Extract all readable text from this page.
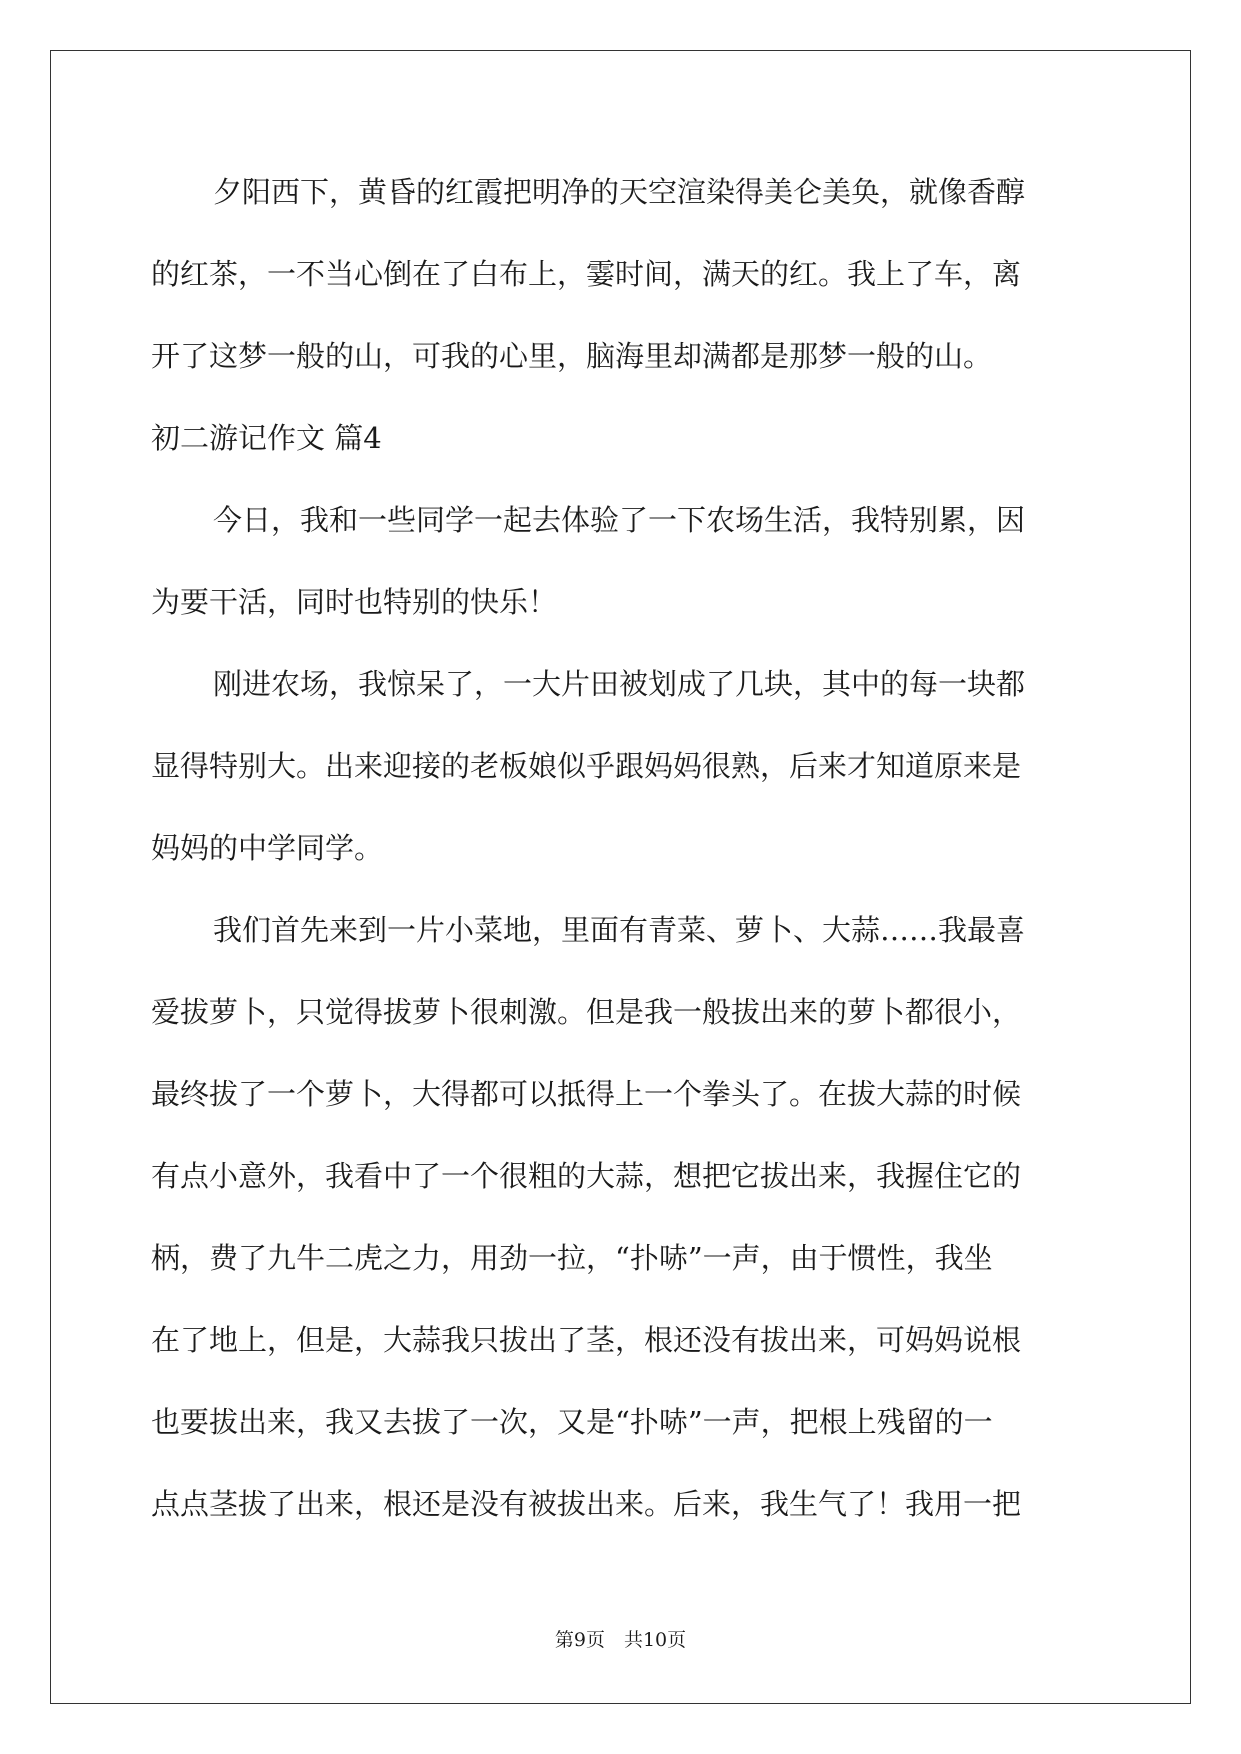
夕阳西下，黄昏的红霞把明净的天空渲染得美仑美奂，就像香醇
的红茶，一不当心倒在了白布上，霎时间，满天的红。我上了车，离
开了这梦一般的山，可我的心里，脑海里却满都是那梦一般的山。
初二游记作文 篇4
今日，我和一些同学一起去体验了一下农场生活，我特别累，因
为要干活，同时也特别的快乐！
刚进农场，我惊呆了，一大片田被划成了几块，其中的每一块都
显得特别大。出来迎接的老板娘似乎跟妈妈很熟，后来才知道原来是
妈妈的中学同学。
我们首先来到一片小菜地，里面有青菜、萝卜、大蒜……我最喜
爱拔萝卜，只觉得拔萝卜很刺激。但是我一般拔出来的萝卜都很小，
最终拔了一个萝卜，大得都可以抵得上一个拳头了。在拔大蒜的时候
有点小意外，我看中了一个很粗的大蒜，想把它拔出来，我握住它的
柄，费了九牛二虎之力，用劲一拉，“扑哧”一声，由于惯性，我坐
在了地上，但是，大蒜我只拔出了茎，根还没有拔出来，可妈妈说根
也要拔出来，我又去拔了一次，又是“扑哧”一声，把根上残留的一
点点茎拔了出来，根还是没有被拔出来。后来，我生气了！我用一把
第9页　共10页
